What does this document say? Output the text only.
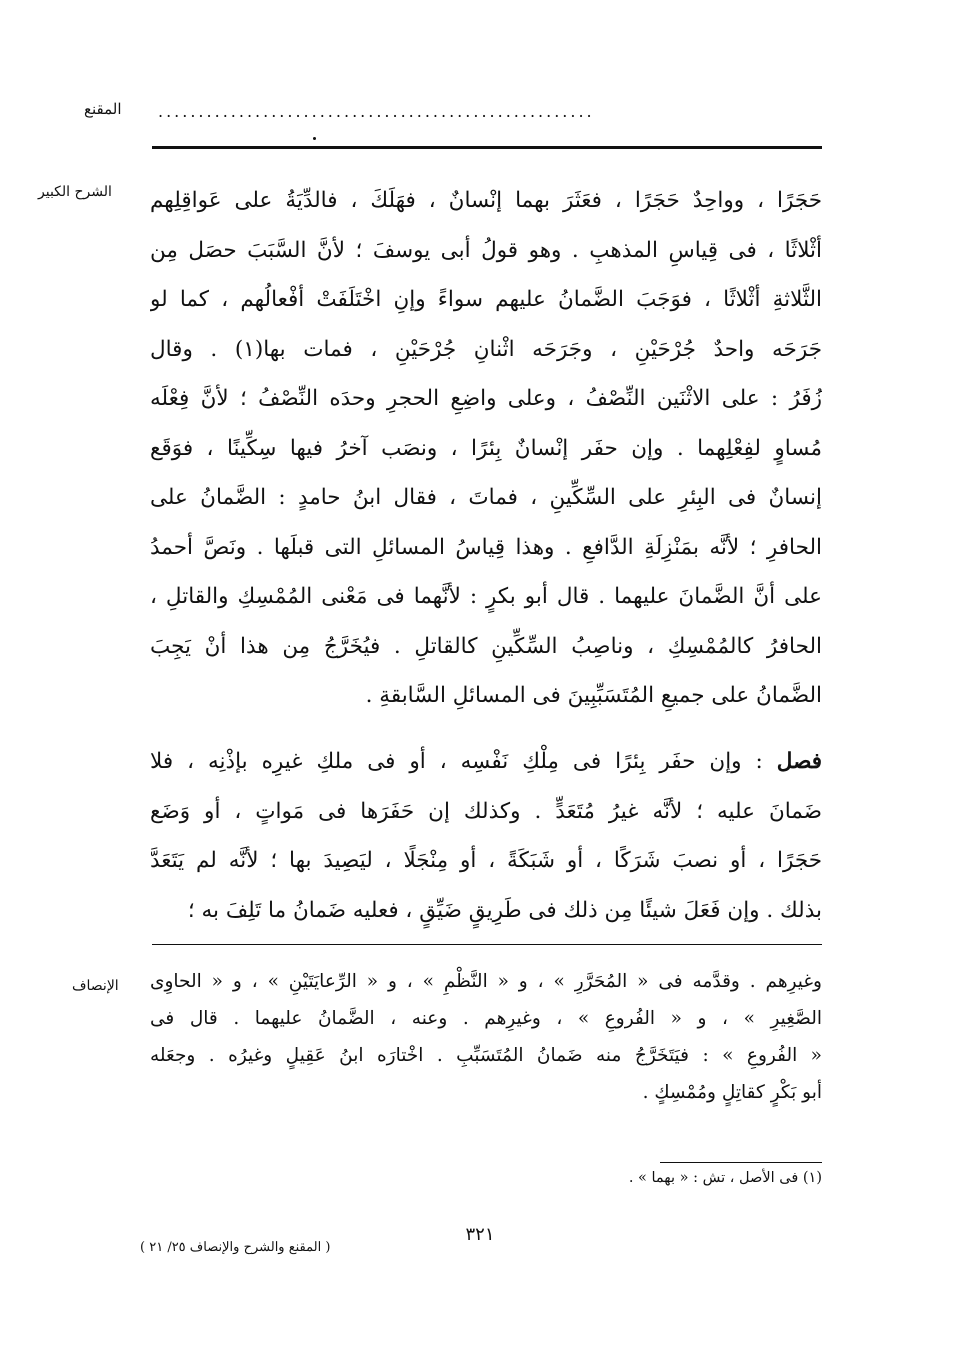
المقنع ......................................................
الشرح الكبير حَجَرًا ، وواحِدٌ حَجَرًا ، فعَثَرَ بهما إنْسانٌ ، فهَلَكَ ، فالدِّيَةُ على عَواقِلِهم
أثْلاثًا ، فى قِياسِ المذهبِ . وهو قولُ أبى يوسفَ ؛ لأنَّ السَّبَبَ حصَل مِن
الثَّلاثةِ أثْلاثًا ، فوَجَبَ الضَّمانُ عليهم سواءً وإنِ اخْتَلَفَتْ أفْعالُهم ، كما لو
جَرَحَه واحدٌ جُرْحَيْنِ ، وجَرَحَه اثْنانِ جُرْحَيْنِ ، فمات بها(١) . وقال
زُفَرُ : على الاثْنَين النِّصْفُ ، وعلى واضِعِ الحجرِ وحدَه النِّصْفُ ؛ لأنَّ فِعْلَه
مُساوٍ لفِعْلِهما . وإن حفَر إنْسانٌ بِئرًا ، ونصَب آخرُ فيها سِكِّينًا ، فوَقَع
إنسانٌ فى البِئرِ على السِّكِّينِ ، فماتَ ، فقال ابنُ حامدٍ : الضَّمانُ على
الحافرِ ؛ لأنَّه بمَنْزِلَةِ الدَّافعِ . وهذا قِياسُ المسائلِ التى قبلَها . ونَصَّ أحمدُ
على أنَّ الضَّمانَ عليهما . قال أبو بكرٍ : لأنَّهما فى مَعْنى المُمْسِكِ والقاتلِ ،
الحافرُ كالمُمْسِكِ ، وناصِبُ السِّكِّينِ كالقاتلِ . فيُخَرَّجُ مِن هذا أنْ يَجِبَ
الضَّمانُ على جميعِ المُتَسَبِّبِينَ فى المسائلِ السَّابقةِ .
فصل : وإن حفَر بِئرًا فى مِلْكِ نَفْسِه ، أو فى ملكِ غيرِه بإذْنِه ، فلا
ضَمانَ عليه ؛ لأنَّه غيرُ مُتَعَدٍّ . وكذلك إن حَفَرَها فى مَواتٍ ، أو وَضَع
حَجَرًا ، أو نصبَ شَرَكًا ، أو شَبَكَةً ، أو مِنْجَلًا ، ليَصِيدَ بها ؛ لأنَّه لم يَتَعَدَّ
بذلك . وإن فَعَلَ شيئًا مِن ذلك فى طَرِيقٍ ضَيِّقٍ ، فعليه ضَمانُ ما تَلِفَ به ؛
الإنصاف وغيرِهم . وقدَّمه فى « المُحَرَّرِ » ، و « النَّظْمِ » ، و « الرِّعايَتَيْنِ » ، و « الحاوِى
الصَّغِيرِ » ، و « الفُروعِ » ، وغيرِهم . وعنه ، الضَّمانُ عليهما . قال فى
« الفُروعِ » : فيَتَخَرَّجُ منه ضَمانُ المُتَسَبِّبِ . اخْتارَه ابنُ عَقِيلٍ وغيرُه . وجعَله
أبو بَكْرٍ كقاتِلٍ ومُمْسِكٍ .
(١) فى الأصل ، تش : « بهما » .
٣٢١
( المقنع والشرح والإنصاف ٢٥/ ٢١ )
